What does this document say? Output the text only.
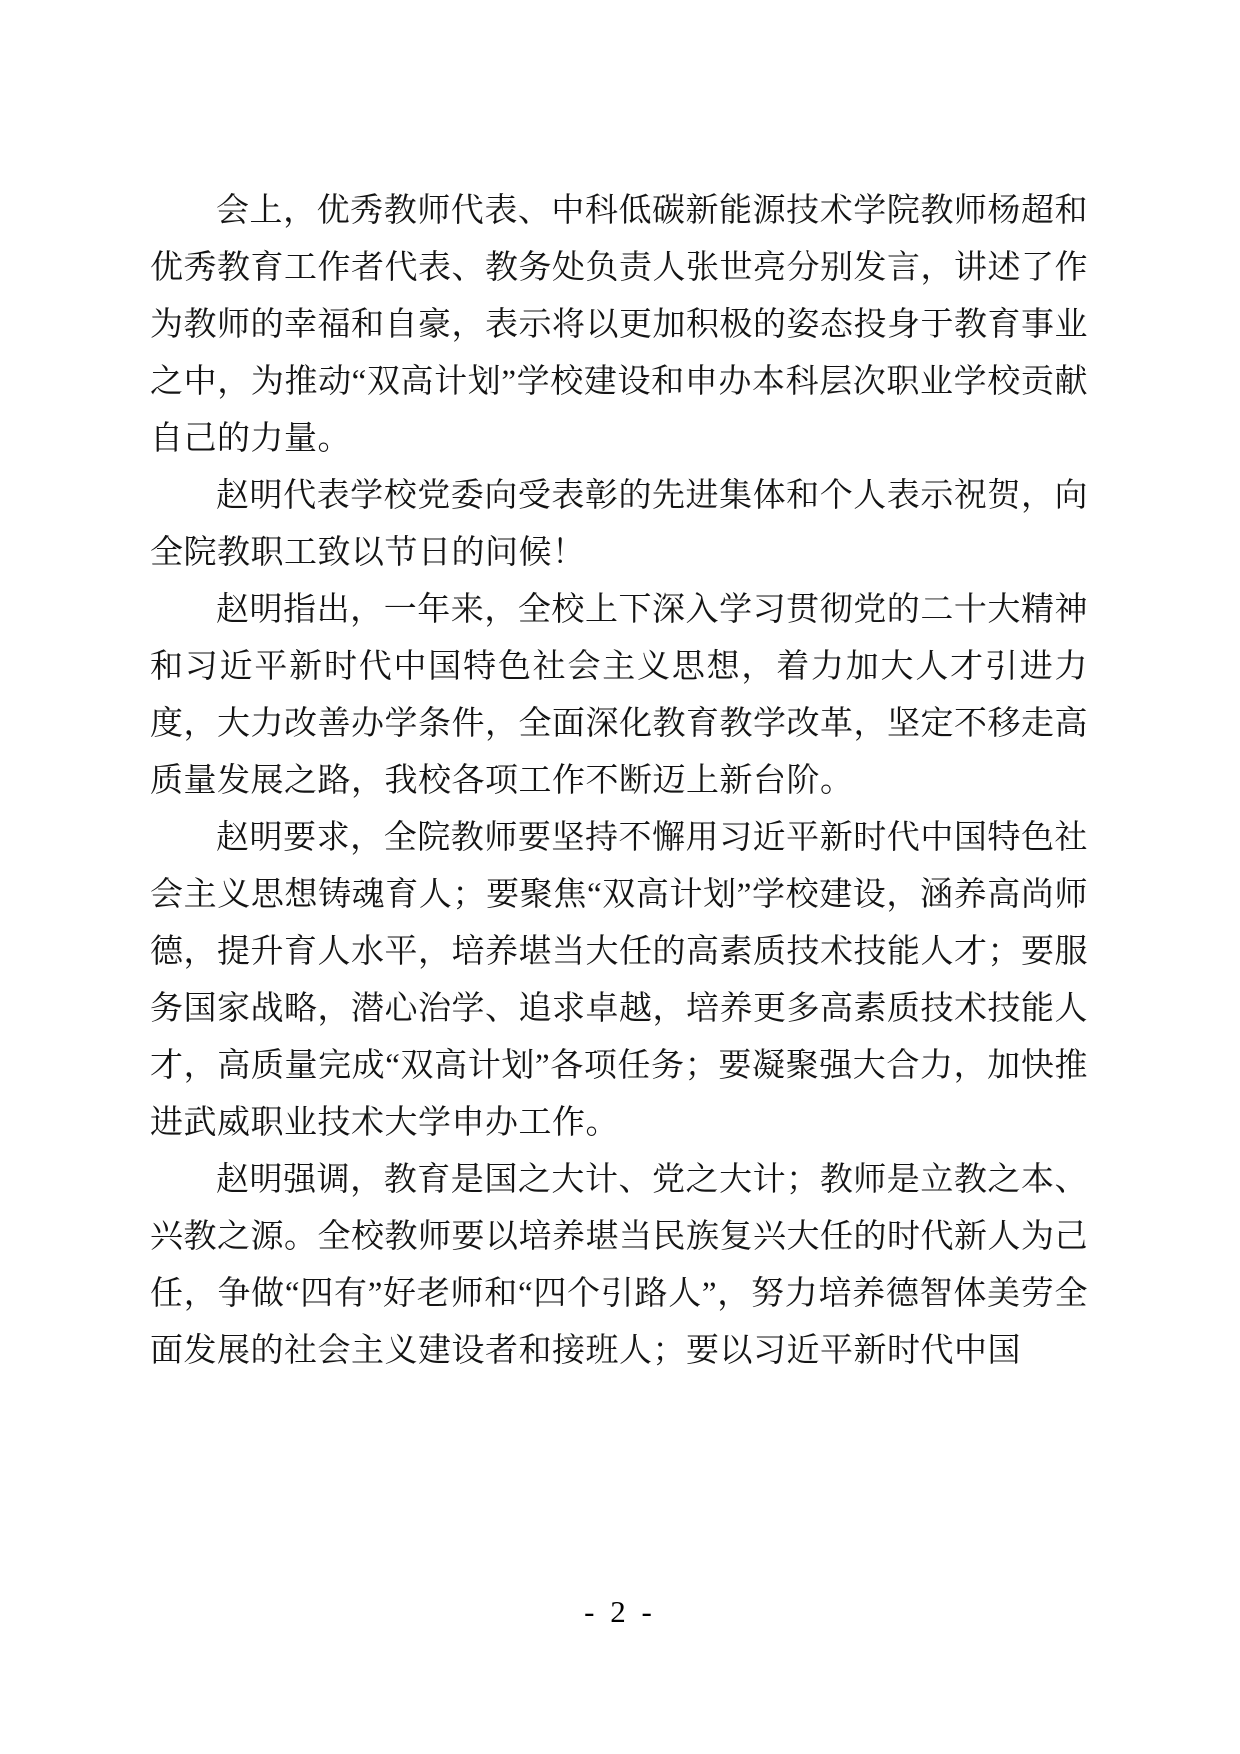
会上，优秀教师代表、中科低碳新能源技术学院教师杨超和优秀教育工作者代表、教务处负责人张世亮分别发言，讲述了作为教师的幸福和自豪，表示将以更加积极的姿态投身于教育事业之中，为推动“双高计划”学校建设和申办本科层次职业学校贡献自己的力量。

赵明代表学校党委向受表彰的先进集体和个人表示祝贺，向全院教职工致以节日的问候！

赵明指出，一年来，全校上下深入学习贯彻党的二十大精神和习近平新时代中国特色社会主义思想，着力加大人才引进力度，大力改善办学条件，全面深化教育教学改革，坚定不移走高质量发展之路，我校各项工作不断迈上新台阶。

赵明要求，全院教师要坚持不懈用习近平新时代中国特色社会主义思想铸魂育人；要聚焦“双高计划”学校建设，涵养高尚师德，提升育人水平，培养堪当大任的高素质技术技能人才；要服务国家战略，潜心治学、追求卓越，培养更多高素质技术技能人才，高质量完成“双高计划”各项任务；要凝聚强大合力，加快推进武威职业技术大学申办工作。

赵明强调，教育是国之大计、党之大计；教师是立教之本、兴教之源。全校教师要以培养堪当民族复兴大任的时代新人为己任，争做“四有”好老师和“四个引路人”，努力培养德智体美劳全面发展的社会主义建设者和接班人；要以习近平新时代中国

- 2 -
